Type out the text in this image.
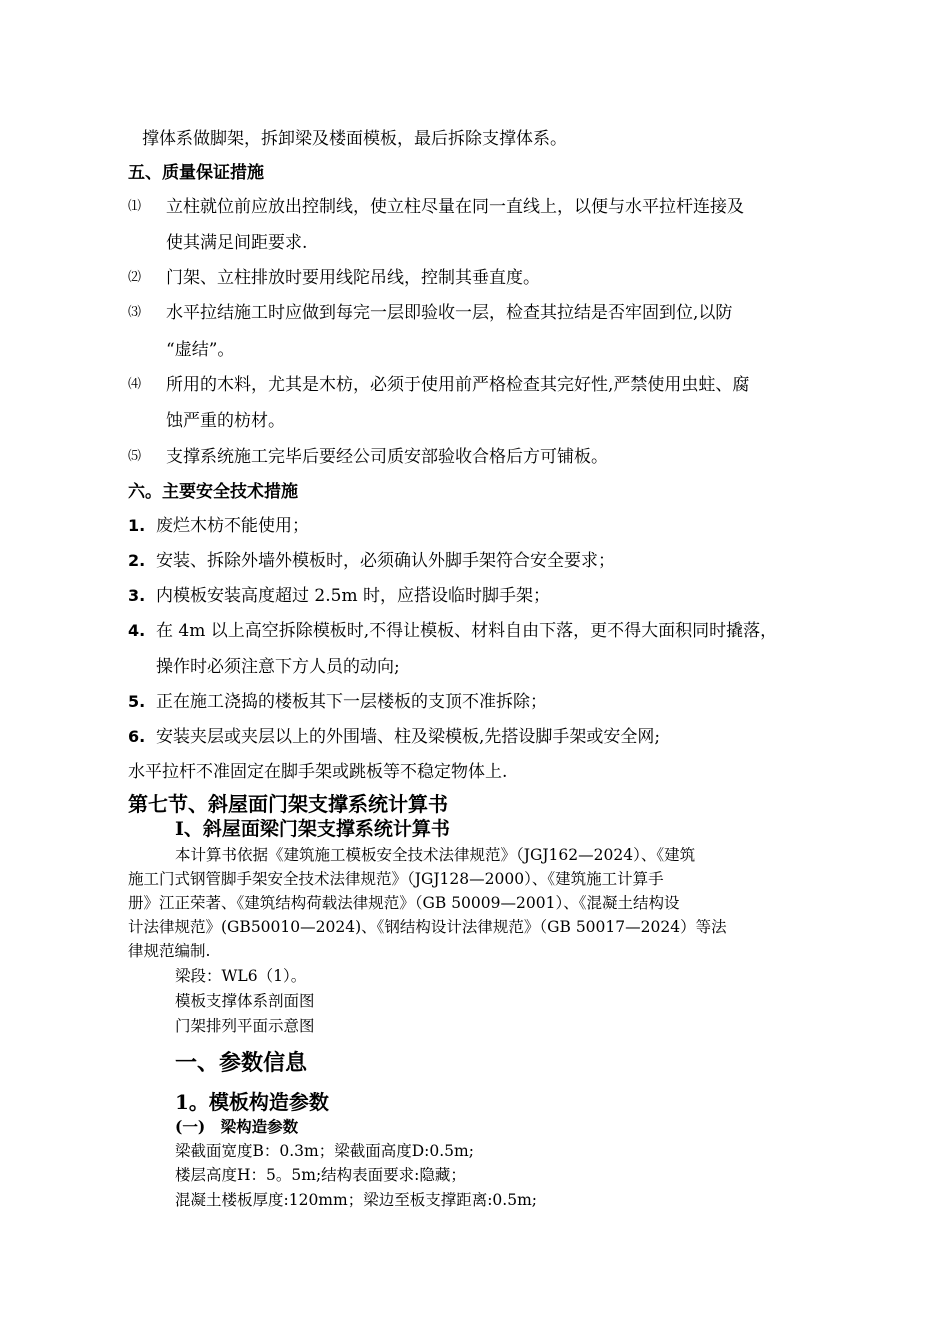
撑体系做脚架，拆卸梁及楼面模板，最后拆除支撑体系。
五、质量保证措施
⑴ 立柱就位前应放出控制线，使立柱尽量在同一直线上，以便与水平拉杆连接及
使其满足间距要求.
⑵ 门架、立柱排放时要用线陀吊线，控制其垂直度。
⑶ 水平拉结施工时应做到每完一层即验收一层，检查其拉结是否牢固到位,以防
“虚结”。
⑷ 所用的木料，尤其是木枋，必须于使用前严格检查其完好性,严禁使用虫蛀、腐
蚀严重的枋材。
⑸ 支撑系统施工完毕后要经公司质安部验收合格后方可铺板。
六。主要安全技术措施
1. 废烂木枋不能使用；
2. 安装、拆除外墙外模板时，必须确认外脚手架符合安全要求；
3. 内模板安装高度超过 2.5m 时，应搭设临时脚手架；
4. 在 4m 以上高空拆除模板时,不得让模板、材料自由下落，更不得大面积同时撬落，
操作时必须注意下方人员的动向;
5. 正在施工浇捣的楼板其下一层楼板的支顶不准拆除；
6. 安装夹层或夹层以上的外围墙、柱及梁模板,先搭设脚手架或安全网;
水平拉杆不准固定在脚手架或跳板等不稳定物体上.
第七节、斜屋面门架支撑系统计算书
I、斜屋面梁门架支撑系统计算书
本计算书依据《建筑施工模板安全技术法律规范》（JGJ162—2024）、《建筑
施工门式钢管脚手架安全技术法律规范》（JGJ128—2000）、《建筑施工计算手
册》江正荣著、《建筑结构荷载法律规范》（GB 50009—2001）、《混凝土结构设
计法律规范》(GB50010—2024)、《钢结构设计法律规范》（GB 50017—2024）等法
律规范编制.
梁段：WL6（1）。
模板支撑体系剖面图
门架排列平面示意图
一、参数信息
1。模板构造参数
(一)　梁构造参数
梁截面宽度B：0.3m；梁截面高度D:0.5m;
楼层高度H：5。5m;结构表面要求:隐藏；
混凝土楼板厚度:120mm；梁边至板支撑距离:0.5m;
